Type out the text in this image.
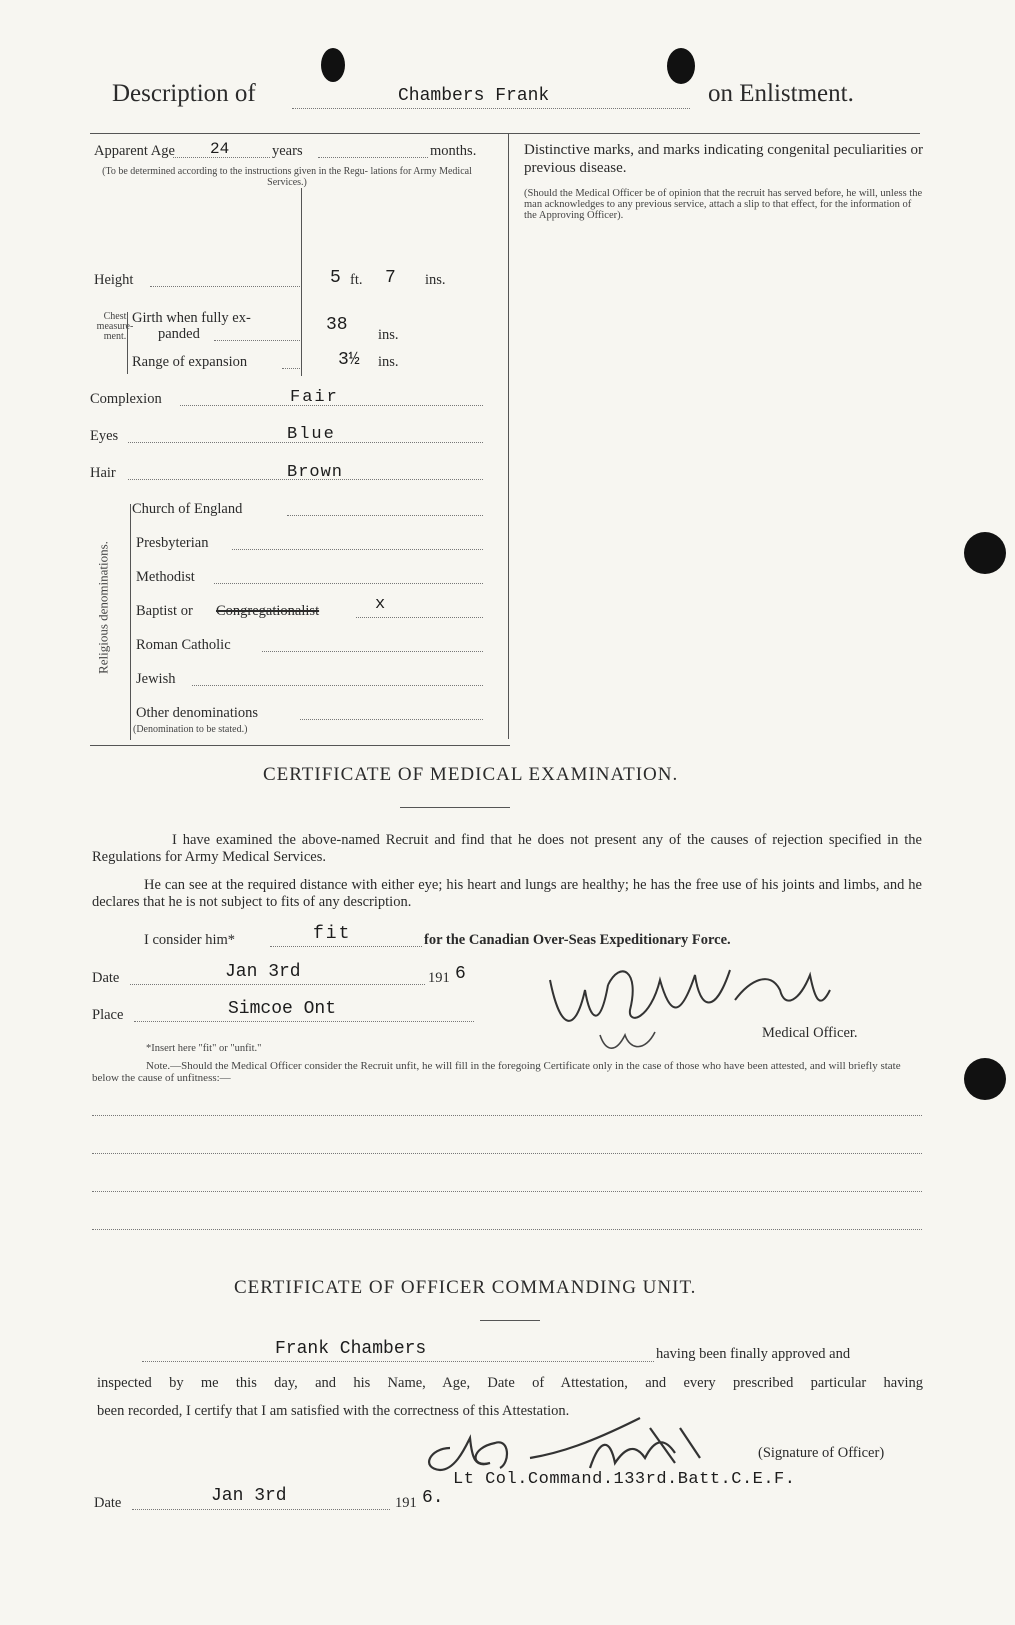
Description of	Chambers Frank	on Enlistment.
Apparent Age 24	years	months.
(To be determined according to the instructions given in the Regu- lations for Army Medical Services.)
Height	5 ft. 7 ins.
Chest measure- ment.
Girth when fully ex-
panded	38 ins.
Range of expansion	3½ ins.
Complexion	Fair
Eyes	Blue
Hair	Brown
Religious denominations.
Church of England
Presbyterian
Methodist
Baptist or Congregationalist	x
Roman Catholic
Jewish
Other denominations
(Denomination to be stated.)
Distinctive marks, and marks indicating congenital peculiarities or previous disease.
(Should the Medical Officer be of opinion that the recruit has served before, he will, unless the man acknowledges to any previous service, attach a slip to that effect, for the information of the Approving Officer).
CERTIFICATE OF MEDICAL EXAMINATION.
I have examined the above-named Recruit and find that he does not present any of the causes of rejection specified in the Regulations for Army Medical Services.
He can see at the required distance with either eye; his heart and lungs are healthy; he has the free use of his joints and limbs, and he declares that he is not subject to fits of any description.
I consider him*	fit	for the Canadian Over-Seas Expeditionary Force.
Date	Jan 3rd	191 6
Place	Simcoe Ont
Medical Officer.
*Insert here "fit" or "unfit."
Note.—Should the Medical Officer consider the Recruit unfit, he will fill in the foregoing Certificate only in the case of those who have been attested, and will briefly state below the cause of unfitness:—
CERTIFICATE OF OFFICER COMMANDING UNIT.
Frank Chambers	having been finally approved and
inspected by me this day, and his Name, Age, Date of Attestation, and every prescribed particular having
been recorded, I certify that I am satisfied with the correctness of this Attestation.
(Signature of Officer)
Lt Col.Command.133rd.Batt.C.E.F.
Date	Jan 3rd	191 6.
